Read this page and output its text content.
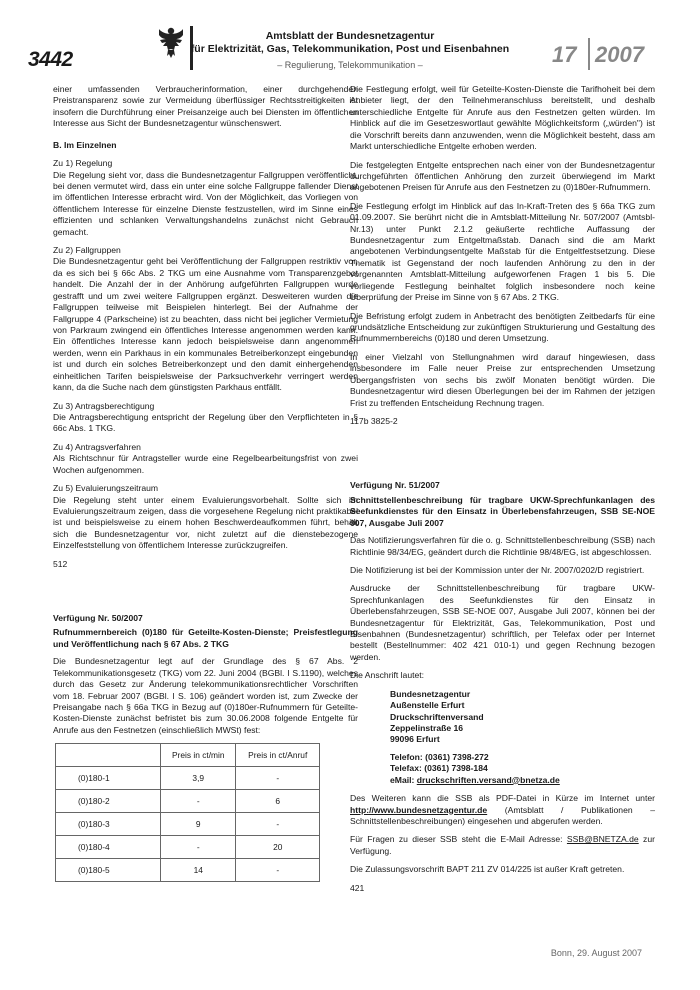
3442
Amtsblatt der Bundesnetzagentur
für Elektrizität, Gas, Telekommunikation, Post und Eisenbahnen
– Regulierung, Telekommunikation –	17 2007

einer umfassenden Verbraucherinformation, einer durchgehenden Preistransparenz sowie zur Vermeidung überflüssiger Rechtsstreitigkeiten ist insofern die Durchführung einer Preisanzeige auch bei Diensten im öffentlichen Interesse aus Sicht der Bundesnetzagentur wünschenswert.

B. Im Einzelnen

Zu 1) Regelung

Die Regelung sieht vor, dass die Bundesnetzagentur Fallgruppen veröffentlicht, bei denen vermutet wird, dass ein unter eine solche Fallgruppe fallender Dienst im öffentlichen Interesse erbracht wird. Von der Möglichkeit, das Vorliegen von öffentlichem Interesse für einzelne Dienste festzustellen, wird im Sinne eines effizienten und schlanken Verwaltungshandelns zunächst nicht Gebrauch gemacht.

Zu 2) Fallgruppen

Die Bundesnetzagentur geht bei Veröffentlichung der Fallgruppen restriktiv vor, da es sich bei § 66c Abs. 2 TKG um eine Ausnahme vom Transparenzgebot handelt. Die Anzahl der in der Anhörung aufgeführten Fallgruppen wurde gestrafft und um zwei weitere Fallgruppen ergänzt. Desweiteren wurden die Fallgruppen teilweise mit Beispielen hinterlegt. Bei der Aufnahme der Fallgruppe 4 (Parkscheine) ist zu beachten, dass nicht bei jeglicher Vermietung von Parkraum zwingend ein öffentliches Interesse angenommen werden kann. Ein öffentliches Interesse kann jedoch beispielsweise dann angenommen werden, wenn ein Parkhaus in ein kommunales Betreiberkonzept eingebunden ist und durch ein solches Betreiberkonzept und den damit einhergehenden einheitlichen Tarifen beispielsweise der Parksuchverkehr verringert werden kann, da die Suche nach dem günstigsten Parkhaus entfällt.

Zu 3) Antragsberechtigung

Die Antragsberechtigung entspricht der Regelung über den Verpflichteten in § 66c Abs. 1 TKG.

Zu 4) Antragsverfahren

Als Richtschnur für Antragsteller wurde eine Regelbearbeitungsfrist von zwei Wochen aufgenommen.

Zu 5) Evaluierungszeitraum

Die Regelung steht unter einem Evaluierungsvorbehalt. Sollte sich im Evaluierungszeitraum zeigen, dass die vorgesehene Regelung nicht praktikabel ist und beispielsweise zu einem hohen Beschwerdeaufkommen führt, behält sich die Bundesnetzagentur vor, nicht zuletzt auf die dienstebezogene Einzelfeststellung von öffentlichem Interesse zurückzugreifen.

512

Verfügung Nr. 50/2007

Rufnummernbereich (0)180 für Geteilte-Kosten-Dienste; Preisfestlegung und Veröffentlichung nach § 67 Abs. 2 TKG

Die Bundesnetzagentur legt auf der Grundlage des § 67 Abs. 2 Telekommunikationsgesetz (TKG) vom 22. Juni 2004 (BGBl. I S.1190), welches durch das Gesetz zur Änderung telekommunikationsrechtlicher Vorschriften vom 18. Februar 2007 (BGBl. I S. 106) geändert worden ist, zum Zwecke der Preisangabe nach § 66a TKG in Bezug auf (0)180er-Rufnummern für Geteilte-Kosten-Dienste zunächst befristet bis zum 30.06.2008 folgende Entgelte für Anrufe aus den Festnetzen (einschließlich MWSt) fest:

	Preis in ct/min	Preis in ct/Anruf
(0)180-1	3,9	-
(0)180-2	-	6
(0)180-3	9	-
(0)180-4	-	20
(0)180-5	14	-

Die Festlegung erfolgt, weil für Geteilte-Kosten-Dienste die Tarifhoheit bei dem Anbieter liegt, der den Teilnehmeranschluss bereitstellt, und deshalb unterschiedliche Entgelte für Anrufe aus den Festnetzen gelten würden. Im Hinblick auf die im Gesetzeswortlaut gewählte Möglichkeitsform („würden") ist die Vorschrift bereits dann anzuwenden, wenn die Möglichkeit besteht, dass am Markt unterschiedliche Entgelte erhoben werden.

Die festgelegten Entgelte entsprechen nach einer von der Bundesnetzagentur durchgeführten öffentlichen Anhörung den zurzeit überwiegend im Markt angebotenen Preisen für Anrufe aus den Festnetzen zu (0)180er-Rufnummern.

Die Festlegung erfolgt im Hinblick auf das In-Kraft-Treten des § 66a TKG zum 01.09.2007. Sie berührt nicht die in Amtsblatt-Mitteilung Nr. 507/2007 (Amtsbl-Nr.13) unter Punkt 2.1.2 geäußerte rechtliche Auffassung der Bundesnetzagentur zum Entgeltmaßstab. Danach sind die am Markt angebotenen Verbindungsentgelte Maßstab für die Entgeltfestsetzung. Diese Thematik ist Gegenstand der noch laufenden Anhörung zu den in der vorgenannten Amtsblatt-Mitteilung aufgeworfenen Fragen 1 bis 5. Die vorliegende Festlegung beinhaltet folglich insbesondere noch keine Überprüfung der Preise im Sinne von § 67 Abs. 2 TKG.

Die Befristung erfolgt zudem in Anbetracht des benötigten Zeitbedarfs für eine grundsätzliche Entscheidung zur zukünftigen Strukturierung und Gestaltung des Rufnummernbereichs (0)180 und deren Umsetzung.

In einer Vielzahl von Stellungnahmen wird darauf hingewiesen, dass insbesondere im Falle neuer Preise zur entsprechenden Umsetzung Übergangsfristen von sechs bis zwölf Monaten benötigt würden. Die Bundesnetzagentur wird diesen Überlegungen bei der im Rahmen der jetzigen Frist zu treffenden Entscheidung Rechnung tragen.

117b 3825-2

Verfügung Nr. 51/2007

Schnittstellenbeschreibung für tragbare UKW-Sprechfunkanlagen des Seefunkdienstes für den Einsatz in Überlebensfahrzeugen, SSB SE-NOE 007, Ausgabe Juli 2007

Das Notifizierungsverfahren für die o. g. Schnittstellenbeschreibung (SSB) nach Richtlinie 98/34/EG, geändert durch die Richtlinie 98/48/EG, ist abgeschlossen.

Die Notifizierung ist bei der Kommission unter der Nr. 2007/0202/D registriert.

Ausdrucke der Schnittstellenbeschreibung für tragbare UKW-Sprechfunkanlagen des Seefunkdienstes für den Einsatz in Überlebensfahrzeugen, SSB SE-NOE 007, Ausgabe Juli 2007, können bei der Bundesnetzagentur für Elektrizität, Gas, Telekommunikation, Post und Eisenbahnen (Bundesnetzagentur) schriftlich, per Telefax oder per Internet bestellt (Bestellnummer: 402 421 010-1) und gegen Rechnung bezogen werden.

Die Anschrift lautet:

Bundesnetzagentur
Außenstelle Erfurt
Druckschriftenversand
Zeppelinstraße 16
99096 Erfurt
Telefon: (0361) 7398-272
Telefax: (0361) 7398-184
eMail: druckschriften.versand@bnetza.de

Des Weiteren kann die SSB als PDF-Datei in Kürze im Internet unter http://www.bundesnetzagentur.de (Amtsblatt / Publikationen – Schnittstellenbeschreibungen) eingesehen und abgerufen werden.

Für Fragen zu dieser SSB steht die E-Mail Adresse: SSB@BNETZA.de zur Verfügung.

Die Zulassungsvorschrift BAPT 211 ZV 014/225 ist außer Kraft getreten.

421

Bonn, 29. August 2007
